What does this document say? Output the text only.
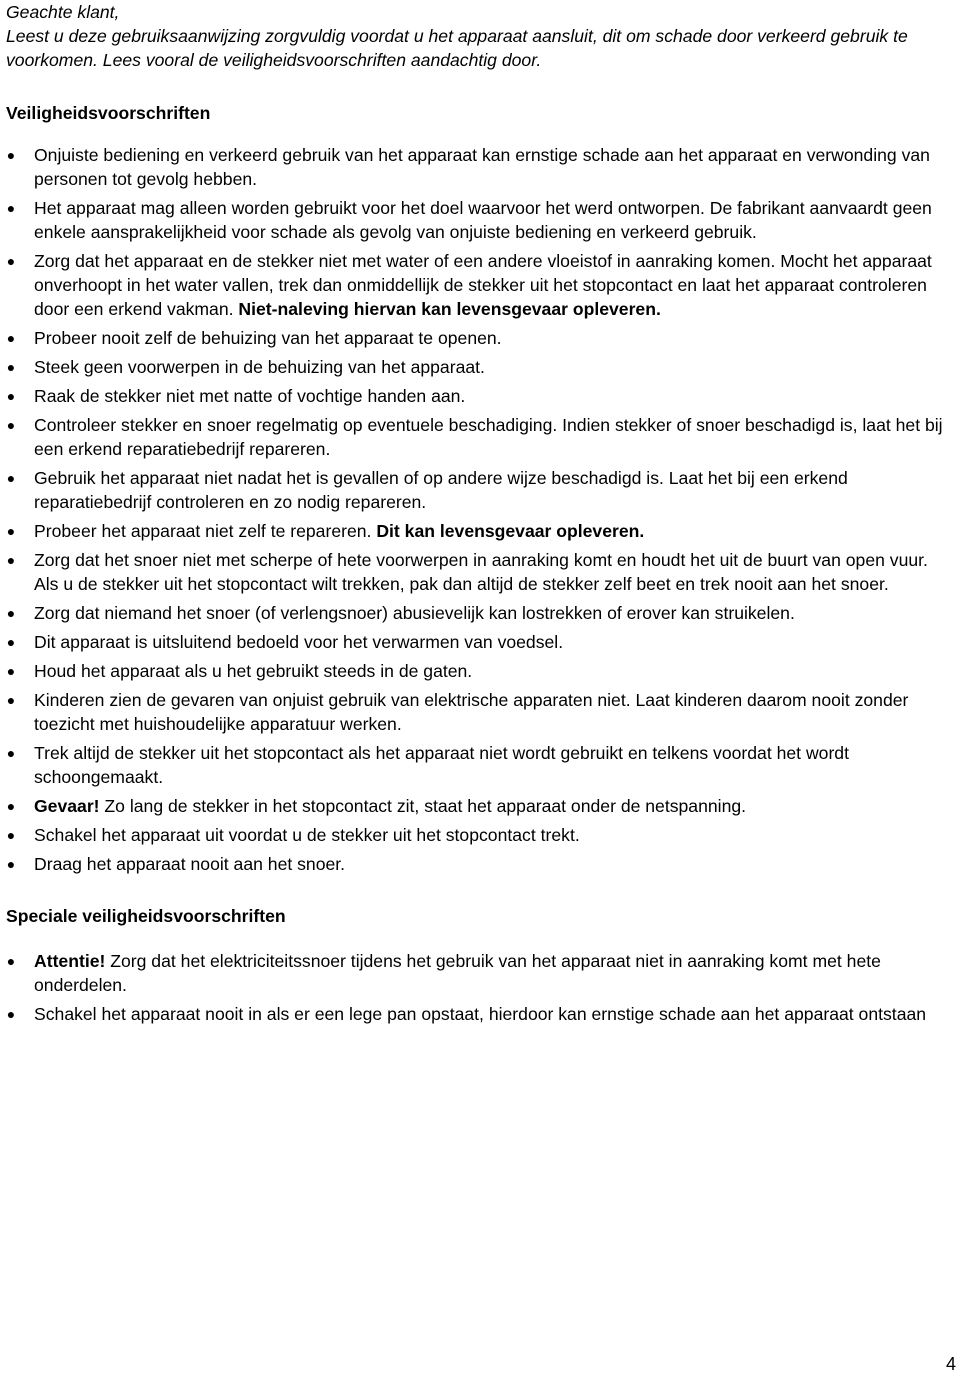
Geachte klant,

Leest u deze gebruiksaanwijzing zorgvuldig voordat u het apparaat aansluit, dit om schade door verkeerd gebruik te voorkomen. Lees vooral de veiligheidsvoorschriften aandachtig door.

Veiligheidsvoorschriften
● Onjuiste bediening en verkeerd gebruik van het apparaat kan ernstige schade aan het apparaat en verwonding van personen tot gevolg hebben.
● Het apparaat mag alleen worden gebruikt voor het doel waarvoor het werd ontworpen. De fabrikant aanvaardt geen enkele aansprakelijkheid voor schade als gevolg van onjuiste bediening en verkeerd gebruik.
● Zorg dat het apparaat en de stekker niet met water of een andere vloeistof in aanraking komen. Mocht het apparaat onverhoopt in het water vallen, trek dan onmiddellijk de stekker uit het stopcontact en laat het apparaat controleren door een erkend vakman. Niet-naleving hiervan kan levensgevaar opleveren.
● Probeer nooit zelf de behuizing van het apparaat te openen.
● Steek geen voorwerpen in de behuizing van het apparaat.
● Raak de stekker niet met natte of vochtige handen aan.
● Controleer stekker en snoer regelmatig op eventuele beschadiging. Indien stekker of snoer beschadigd is, laat het bij een erkend reparatiebedrijf repareren.
● Gebruik het apparaat niet nadat het is gevallen of op andere wijze beschadigd is. Laat het bij een erkend reparatiebedrijf controleren en zo nodig repareren.
● Probeer het apparaat niet zelf te repareren. Dit kan levensgevaar opleveren.
● Zorg dat het snoer niet met scherpe of hete voorwerpen in aanraking komt en houdt het uit de buurt van open vuur. Als u de stekker uit het stopcontact wilt trekken, pak dan altijd de stekker zelf beet en trek nooit aan het snoer.
● Zorg dat niemand het snoer (of verlengsnoer) abusievelijk kan lostrekken of erover kan struikelen.
● Dit apparaat is uitsluitend bedoeld voor het verwarmen van voedsel.
● Houd het apparaat als u het gebruikt steeds in de gaten.
● Kinderen zien de gevaren van onjuist gebruik van elektrische apparaten niet. Laat kinderen daarom nooit zonder toezicht met huishoudelijke apparatuur werken.
● Trek altijd de stekker uit het stopcontact als het apparaat niet wordt gebruikt en telkens voordat het wordt schoongemaakt.
● Gevaar! Zo lang de stekker in het stopcontact zit, staat het apparaat onder de netspanning.
● Schakel het apparaat uit voordat u de stekker uit het stopcontact trekt.
● Draag het apparaat nooit aan het snoer.
Speciale veiligheidsvoorschriften
● Attentie! Zorg dat het elektriciteitssnoer tijdens het gebruik van het apparaat niet in aanraking komt met hete onderdelen.
● Schakel het apparaat nooit in als er een lege pan opstaat, hierdoor kan ernstige schade aan het apparaat ontstaan
4
